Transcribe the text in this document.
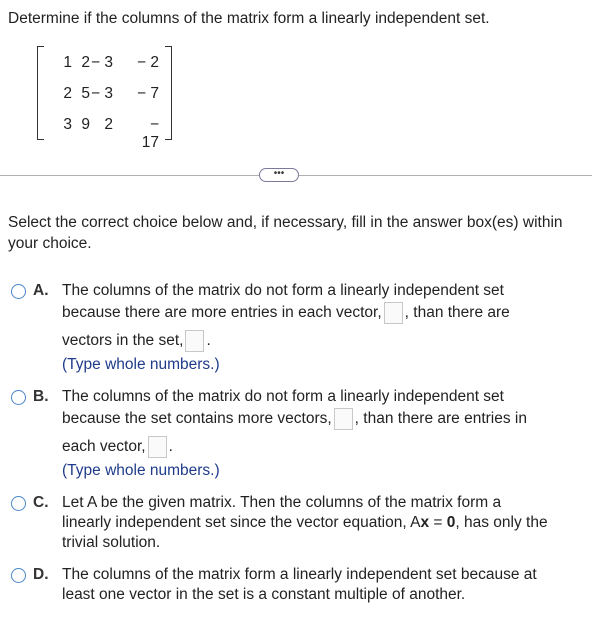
Determine if the columns of the matrix form a linearly independent set.
1 2 − 3	− 2
2 5 − 3	− 7
3 9 2	− 17
•••

Select the correct choice below and, if necessary, fill in the answer box(es) within your choice.

A. The columns of the matrix do not form a linearly independent set
because there are more entries in each vector, , than there are
vectors in the set, .
(Type whole numbers.)
B. The columns of the matrix do not form a linearly independent set
because the set contains more vectors, , than there are entries in
each vector, .
(Type whole numbers.)
C. Let A be the given matrix. Then the columns of the matrix form a
linearly independent set since the vector equation, Ax = 0, has only the
trivial solution.
D. The columns of the matrix form a linearly independent set because at
least one vector in the set is a constant multiple of another.
